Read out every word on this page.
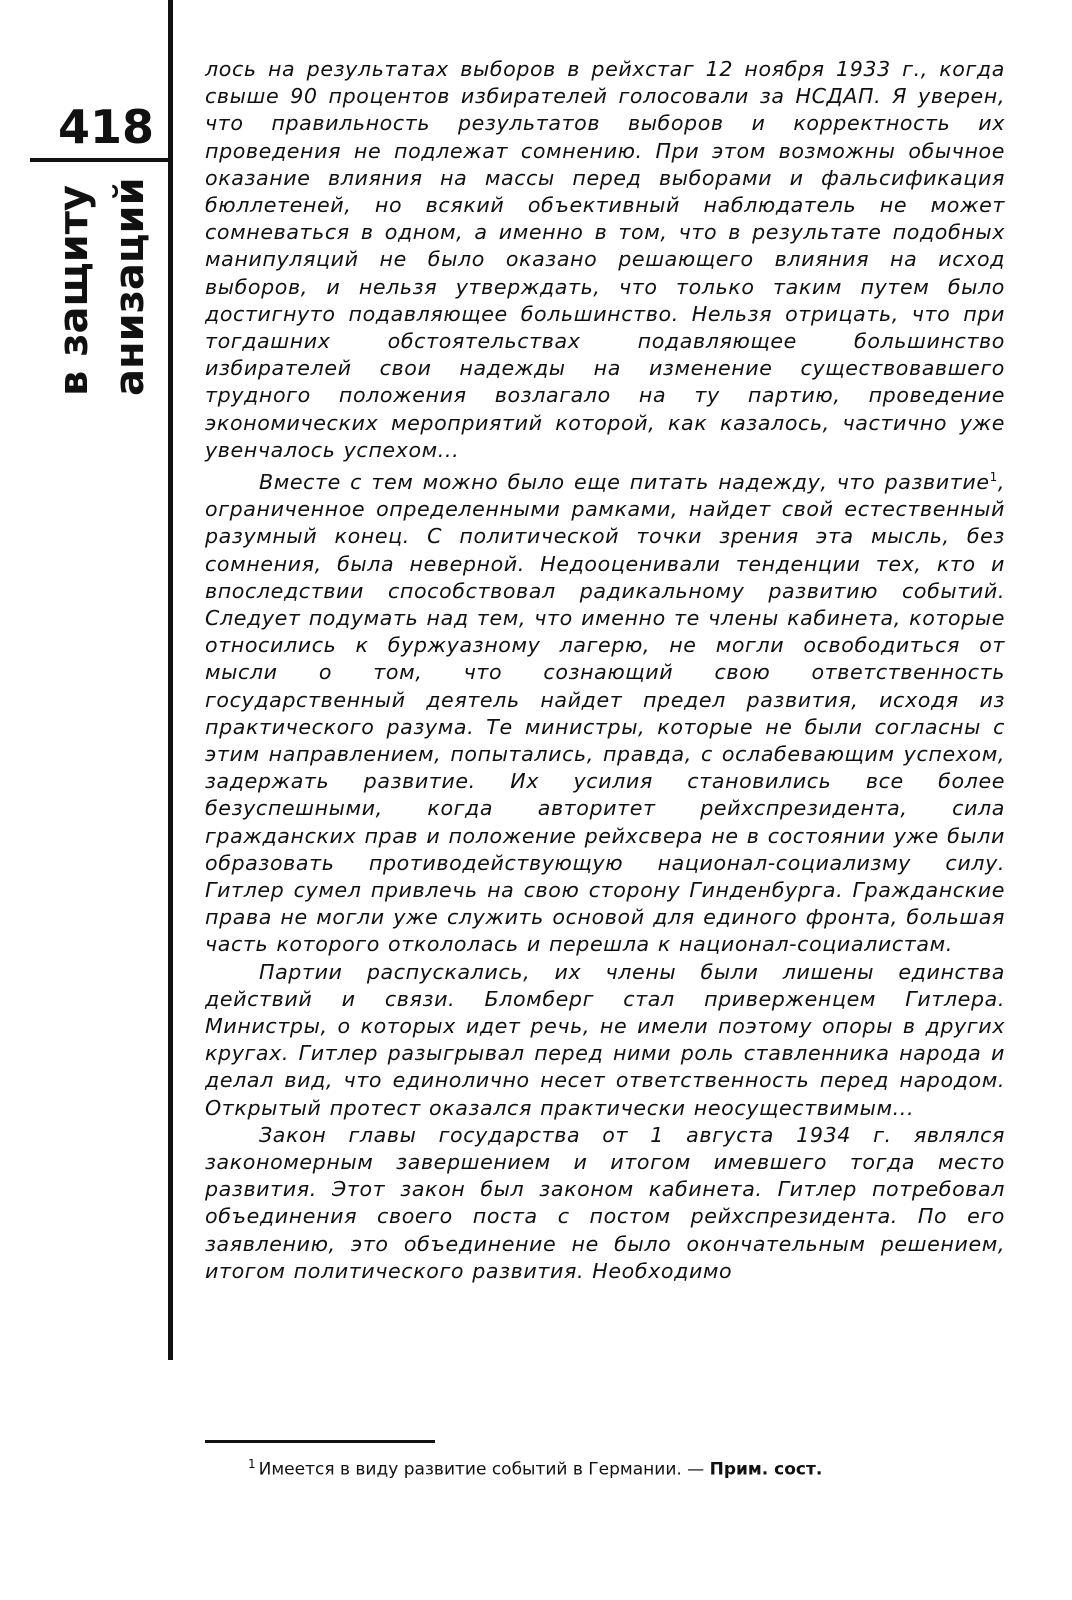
418
в защиту анизаций

лось на результатах выборов в рейхстаг 12 ноября 1933 г., когда свыше 90 процентов избирателей голосовали за НСДАП. Я уверен, что правильность результатов выборов и корректность их проведения не подлежат сомнению. При этом возможны обычное оказание влияния на массы перед выборами и фальсификация бюллетеней, но всякий объективный наблюдатель не может сомневаться в одном, а именно в том, что в результате подобных манипуляций не было оказано решающего влияния на исход выборов, и нельзя утверждать, что только таким путем было достигнуто подавляющее большинство. Нельзя отрицать, что при тогдашних обстоятельствах подавляющее большинство избирателей свои надежды на изменение существовавшего трудного положения возлагало на ту партию, проведение экономических мероприятий которой, как казалось, частично уже увенчалось успехом...

Вместе с тем можно было еще питать надежду, что развитие$^1$, ограниченное определенными рамками, найдет свой естественный разумный конец. С политической точки зрения эта мысль, без сомнения, была неверной. Недооценивали тенденции тех, кто и впоследствии способствовал радикальному развитию событий. Следует подумать над тем, что именно те члены кабинета, которые относились к буржуазному лагерю, не могли освободиться от мысли о том, что сознающий свою ответственность государственный деятель найдет предел развития, исходя из практического разума. Те министры, которые не были согласны с этим направлением, попытались, правда, с ослабевающим успехом, задержать развитие. Их усилия становились все более безуспешными, когда авторитет рейхспрезидента, сила гражданских прав и положение рейхсвера не в состоянии уже были образовать противодействующую национал-социализму силу. Гитлер сумел привлечь на свою сторону Гинденбурга. Гражданские права не могли уже служить основой для единого фронта, большая часть которого откололась и перешла к национал-социалистам.

Партии распускались, их члены были лишены единства действий и связи. Бломберг стал приверженцем Гитлера. Министры, о которых идет речь, не имели поэтому опоры в других кругах. Гитлер разыгрывал перед ними роль ставленника народа и делал вид, что единолично несет ответственность перед народом. Открытый протест оказался практически неосуществимым...

Закон главы государства от 1 августа 1934 г. являлся закономерным завершением и итогом имевшего тогда место развития. Этот закон был законом кабинета. Гитлер потребовал объединения своего поста с постом рейхспрезидента. По его заявлению, это объединение не было окончательным решением, итогом политического развития. Необходимо

$^1$ Имеется в виду развитие событий в Германии. — Прим. сост.
